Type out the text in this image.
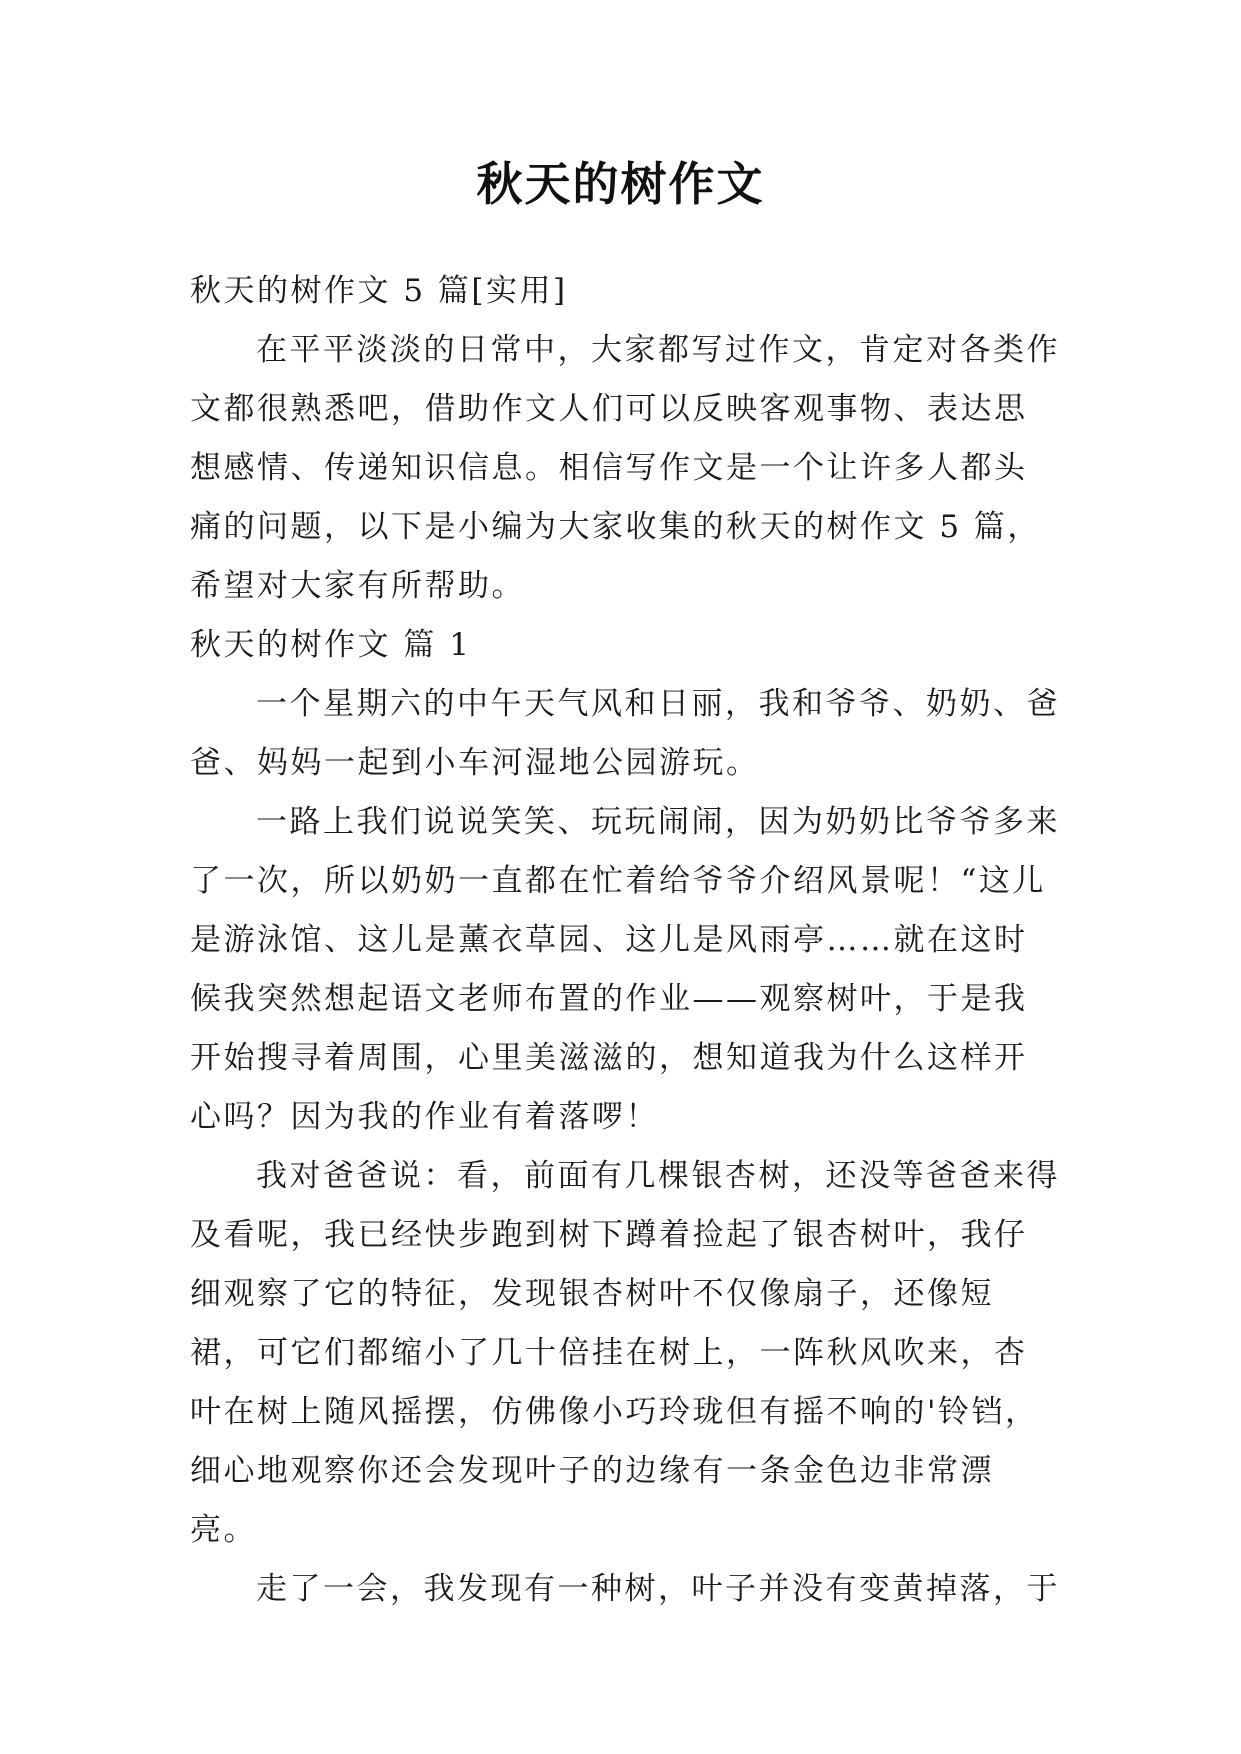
秋天的树作文

秋天的树作文 5 篇[实用]

在平平淡淡的日常中，大家都写过作文，肯定对各类作文都很熟悉吧，借助作文人们可以反映客观事物、表达思想感情、传递知识信息。相信写作文是一个让许多人都头痛的问题，以下是小编为大家收集的秋天的树作文 5 篇，希望对大家有所帮助。

秋天的树作文 篇 1

一个星期六的中午天气风和日丽，我和爷爷、奶奶、爸爸、妈妈一起到小车河湿地公园游玩。

一路上我们说说笑笑、玩玩闹闹，因为奶奶比爷爷多来了一次，所以奶奶一直都在忙着给爷爷介绍风景呢！“这儿是游泳馆、这儿是薰衣草园、这儿是风雨亭……就在这时候我突然想起语文老师布置的作业——观察树叶，于是我开始搜寻着周围，心里美滋滋的，想知道我为什么这样开心吗？因为我的作业有着落啰！

我对爸爸说：看，前面有几棵银杏树，还没等爸爸来得及看呢，我已经快步跑到树下蹲着捡起了银杏树叶，我仔细观察了它的特征，发现银杏树叶不仅像扇子，还像短裙，可它们都缩小了几十倍挂在树上，一阵秋风吹来，杏叶在树上随风摇摆，仿佛像小巧玲珑但有摇不响的'铃铛，细心地观察你还会发现叶子的边缘有一条金色边非常漂亮。

走了一会，我发现有一种树，叶子并没有变黄掉落，于
